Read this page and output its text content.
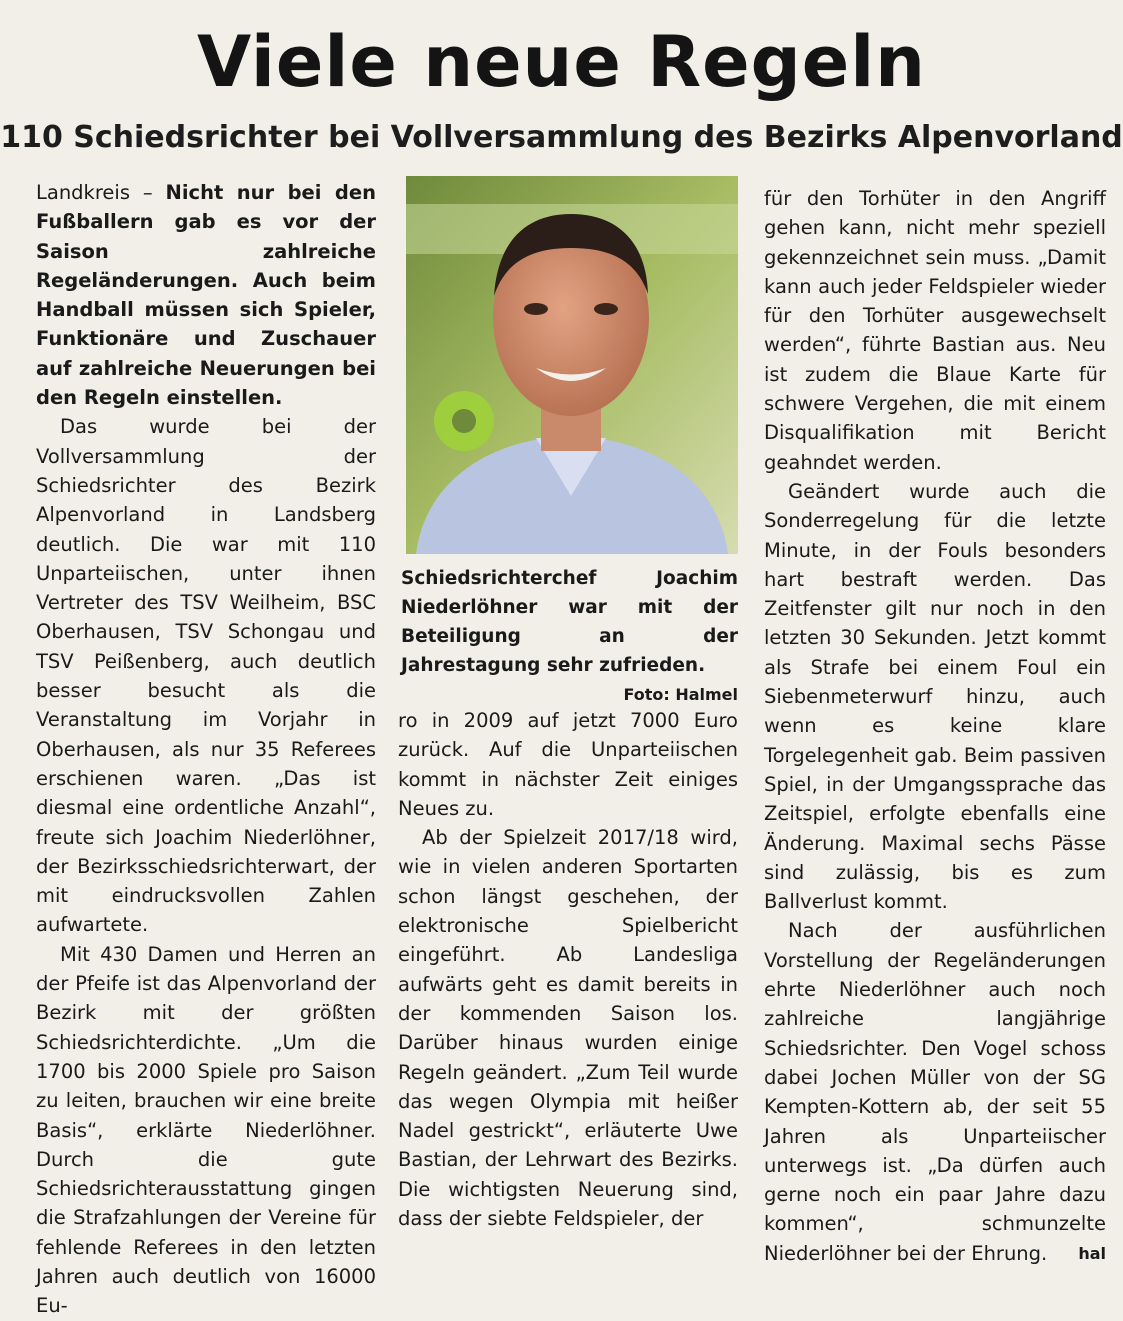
Viele neue Regeln
110 Schiedsrichter bei Vollversammlung des Bezirks Alpenvorland

Landkreis – Nicht nur bei den Fußballern gab es vor der Saison zahlreiche Regeländerungen. Auch beim Handball müssen sich Spieler, Funktionäre und Zuschauer auf zahlreiche Neuerungen bei den Regeln einstellen.

Das wurde bei der Vollversammlung der Schiedsrichter des Bezirk Alpenvorland in Landsberg deutlich. Die war mit 110 Unparteiischen, unter ihnen Vertreter des TSV Weilheim, BSC Oberhausen, TSV Schongau und TSV Peißenberg, auch deutlich besser besucht als die Veranstaltung im Vorjahr in Oberhausen, als nur 35 Referees erschienen waren. „Das ist diesmal eine ordentliche Anzahl“, freute sich Joachim Niederlöhner, der Bezirksschiedsrichterwart, der mit eindrucksvollen Zahlen aufwartete.

Mit 430 Damen und Herren an der Pfeife ist das Alpenvorland der Bezirk mit der größten Schiedsrichterdichte. „Um die 1700 bis 2000 Spiele pro Saison zu leiten, brauchen wir eine breite Basis“, erklärte Niederlöhner. Durch die gute Schiedsrichterausstattung gingen die Strafzahlungen der Vereine für fehlende Referees in den letzten Jahren auch deutlich von 16000 Eu-

Schiedsrichterchef Joachim Niederlöhner war mit der Beteiligung an der Jahrestagung sehr zufrieden.
Foto: Halmel

ro in 2009 auf jetzt 7000 Euro zurück. Auf die Unparteiischen kommt in nächster Zeit einiges Neues zu.

Ab der Spielzeit 2017/18 wird, wie in vielen anderen Sportarten schon längst geschehen, der elektronische Spielbericht eingeführt. Ab Landesliga aufwärts geht es damit bereits in der kommenden Saison los. Darüber hinaus wurden einige Regeln geändert. „Zum Teil wurde das wegen Olympia mit heißer Nadel gestrickt“, erläuterte Uwe Bastian, der Lehrwart des Bezirks. Die wichtigsten Neuerung sind, dass der siebte Feldspieler, der

für den Torhüter in den Angriff gehen kann, nicht mehr speziell gekennzeichnet sein muss. „Damit kann auch jeder Feldspieler wieder für den Torhüter ausgewechselt werden“, führte Bastian aus. Neu ist zudem die Blaue Karte für schwere Vergehen, die mit einem Disqualifikation mit Bericht geahndet werden.

Geändert wurde auch die Sonderregelung für die letzte Minute, in der Fouls besonders hart bestraft werden. Das Zeitfenster gilt nur noch in den letzten 30 Sekunden. Jetzt kommt als Strafe bei einem Foul ein Siebenmeterwurf hinzu, auch wenn es keine klare Torgelegenheit gab. Beim passiven Spiel, in der Umgangssprache das Zeitspiel, erfolgte ebenfalls eine Änderung. Maximal sechs Pässe sind zulässig, bis es zum Ballverlust kommt.

Nach der ausführlichen Vorstellung der Regeländerungen ehrte Niederlöhner auch noch zahlreiche langjährige Schiedsrichter. Den Vogel schoss dabei Jochen Müller von der SG Kempten-Kottern ab, der seit 55 Jahren als Unparteiischer unterwegs ist. „Da dürfen auch gerne noch ein paar Jahre dazu kommen“, schmunzelte Niederlöhner bei der Ehrung.	hal
